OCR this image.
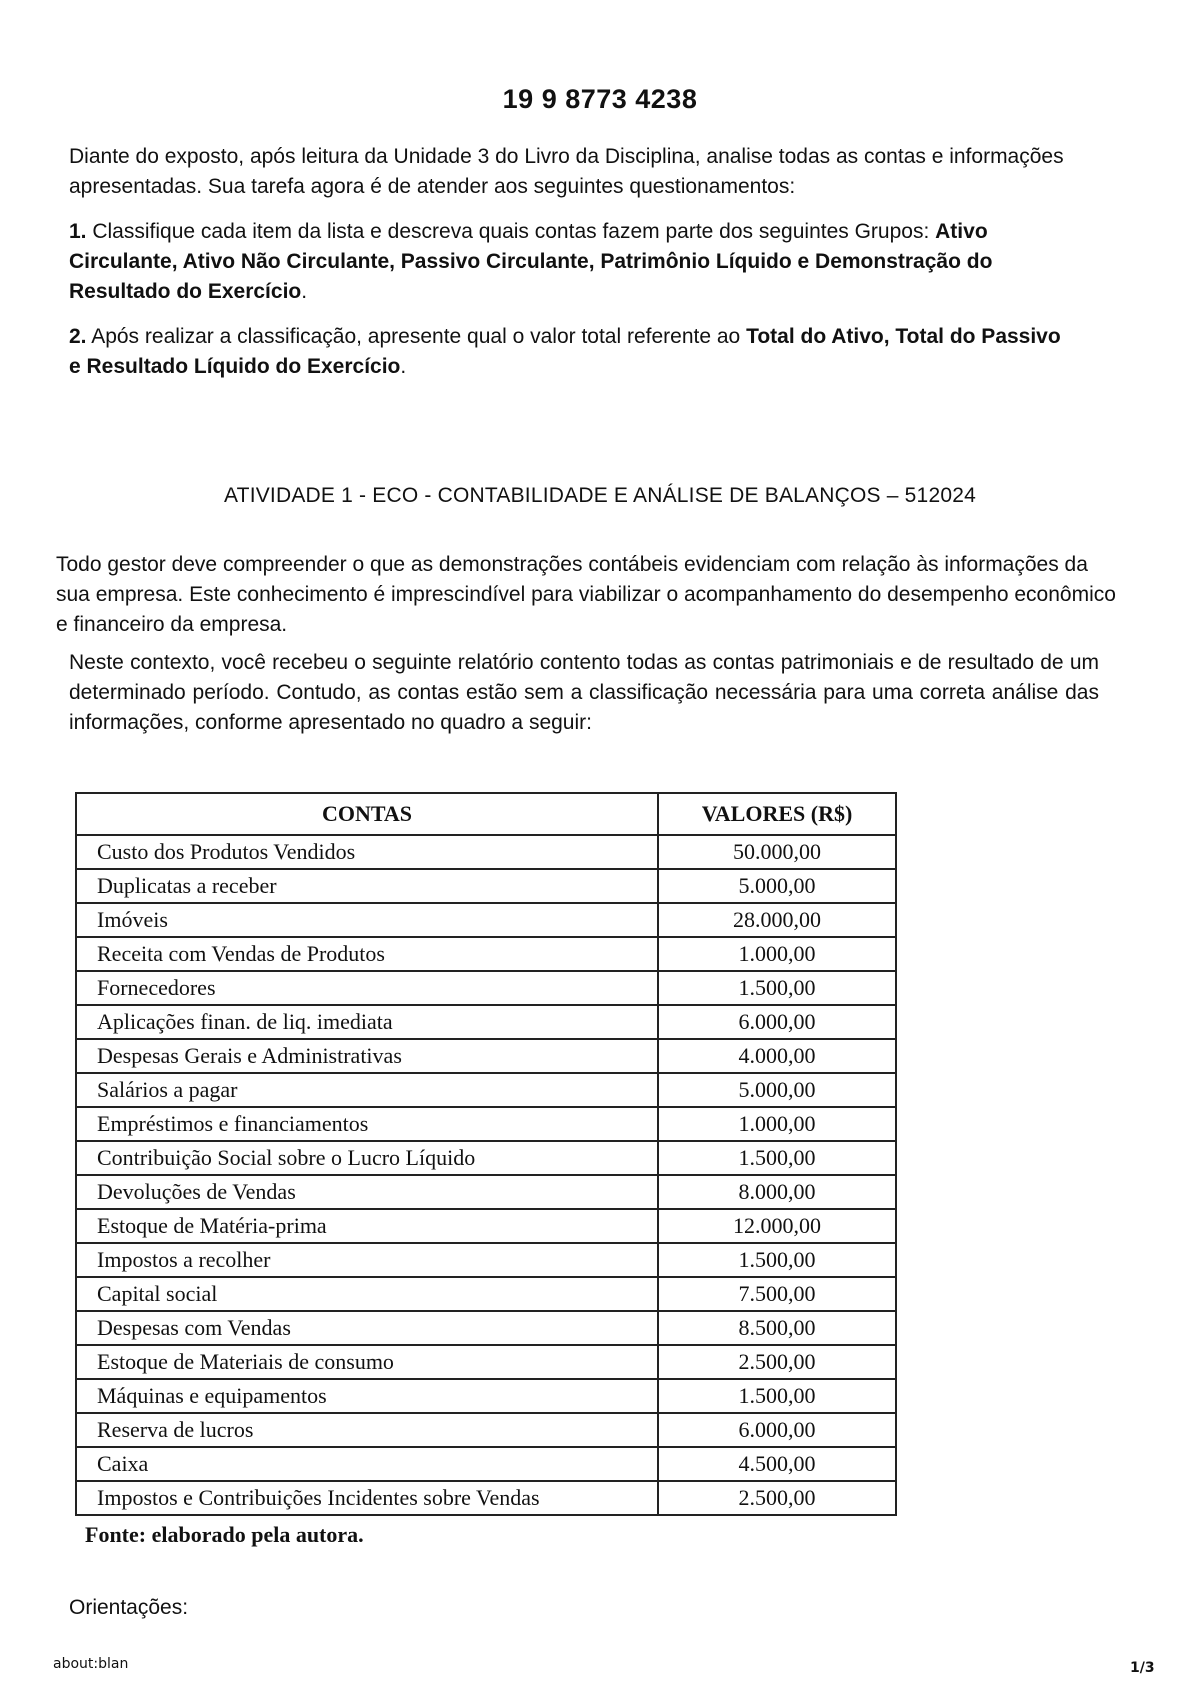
19 9 8773 4238
Diante do exposto, após leitura da Unidade 3 do Livro da Disciplina, analise todas as contas e informações apresentadas. Sua tarefa agora é de atender aos seguintes questionamentos:
1. Classifique cada item da lista e descreva quais contas fazem parte dos seguintes Grupos: Ativo Circulante, Ativo Não Circulante, Passivo Circulante, Patrimônio Líquido e Demonstração do Resultado do Exercício.
2. Após realizar a classificação, apresente qual o valor total referente ao Total do Ativo, Total do Passivo e Resultado Líquido do Exercício.
ATIVIDADE 1 - ECO - CONTABILIDADE E ANÁLISE DE BALANÇOS – 512024
Todo gestor deve compreender o que as demonstrações contábeis evidenciam com relação às informações da sua empresa. Este conhecimento é imprescindível para viabilizar o acompanhamento do desempenho econômico e financeiro da empresa.
Neste contexto, você recebeu o seguinte relatório contento todas as contas patrimoniais e de resultado de um determinado período. Contudo, as contas estão sem a classificação necessária para uma correta análise das informações, conforme apresentado no quadro a seguir:
CONTAS	VALORES (R$)
Custo dos Produtos Vendidos	50.000,00
Duplicatas a receber	5.000,00
Imóveis	28.000,00
Receita com Vendas de Produtos	1.000,00
Fornecedores	1.500,00
Aplicações finan. de liq. imediata	6.000,00
Despesas Gerais e Administrativas	4.000,00
Salários a pagar	5.000,00
Empréstimos e financiamentos	1.000,00
Contribuição Social sobre o Lucro Líquido	1.500,00
Devoluções de Vendas	8.000,00
Estoque de Matéria-prima	12.000,00
Impostos a recolher	1.500,00
Capital social	7.500,00
Despesas com Vendas	8.500,00
Estoque de Materiais de consumo	2.500,00
Máquinas e equipamentos	1.500,00
Reserva de lucros	6.000,00
Caixa	4.500,00
Impostos e Contribuições Incidentes sobre Vendas	2.500,00
Fonte: elaborado pela autora.
Orientações:
about:blan	1/3
